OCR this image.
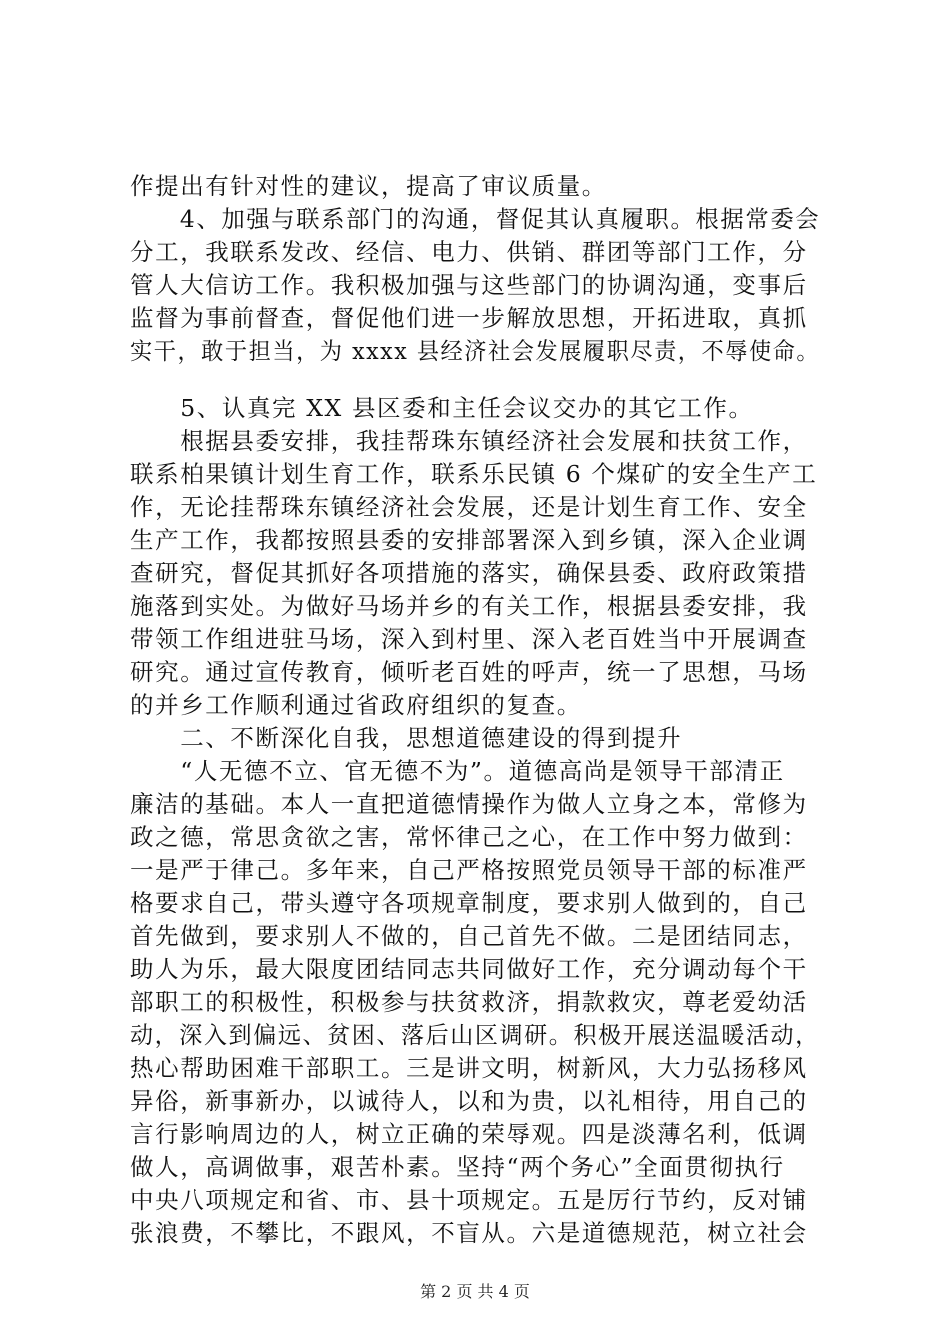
作提出有针对性的建议，提高了审议质量。
　　4、加强与联系部门的沟通，督促其认真履职。根据常委会
分工，我联系发改、经信、电力、供销、群团等部门工作，分
管人大信访工作。我积极加强与这些部门的协调沟通，变事后
监督为事前督查，督促他们进一步解放思想，开拓进取，真抓
实干，敢于担当，为 xxxx 县经济社会发展履职尽责，不辱使命。
　　5、认真完 XX 县区委和主任会议交办的其它工作。
　　根据县委安排，我挂帮珠东镇经济社会发展和扶贫工作，
联系柏果镇计划生育工作，联系乐民镇 6 个煤矿的安全生产工
作，无论挂帮珠东镇经济社会发展，还是计划生育工作、安全
生产工作，我都按照县委的安排部署深入到乡镇，深入企业调
查研究，督促其抓好各项措施的落实，确保县委、政府政策措
施落到实处。为做好马场并乡的有关工作，根据县委安排，我
带领工作组进驻马场，深入到村里、深入老百姓当中开展调查
研究。通过宣传教育，倾听老百姓的呼声，统一了思想，马场
的并乡工作顺利通过省政府组织的复查。
　　二、不断深化自我，思想道德建设的得到提升
　　“人无德不立、官无德不为”。道德高尚是领导干部清正
廉洁的基础。本人一直把道德情操作为做人立身之本，常修为
政之德，常思贪欲之害，常怀律己之心，在工作中努力做到：
一是严于律己。多年来，自己严格按照党员领导干部的标准严
格要求自己，带头遵守各项规章制度，要求别人做到的，自己
首先做到，要求别人不做的，自己首先不做。二是团结同志，
助人为乐，最大限度团结同志共同做好工作，充分调动每个干
部职工的积极性，积极参与扶贫救济，捐款救灾，尊老爱幼活
动，深入到偏远、贫困、落后山区调研。积极开展送温暖活动，
热心帮助困难干部职工。三是讲文明，树新风，大力弘扬移风
异俗，新事新办，以诚待人，以和为贵，以礼相待，用自己的
言行影响周边的人，树立正确的荣辱观。四是淡薄名利，低调
做人，高调做事，艰苦朴素。坚持“两个务心”全面贯彻执行
中央八项规定和省、市、县十项规定。五是厉行节约，反对铺
张浪费，不攀比，不跟风，不盲从。六是道德规范，树立社会
第 2 页 共 4 页
